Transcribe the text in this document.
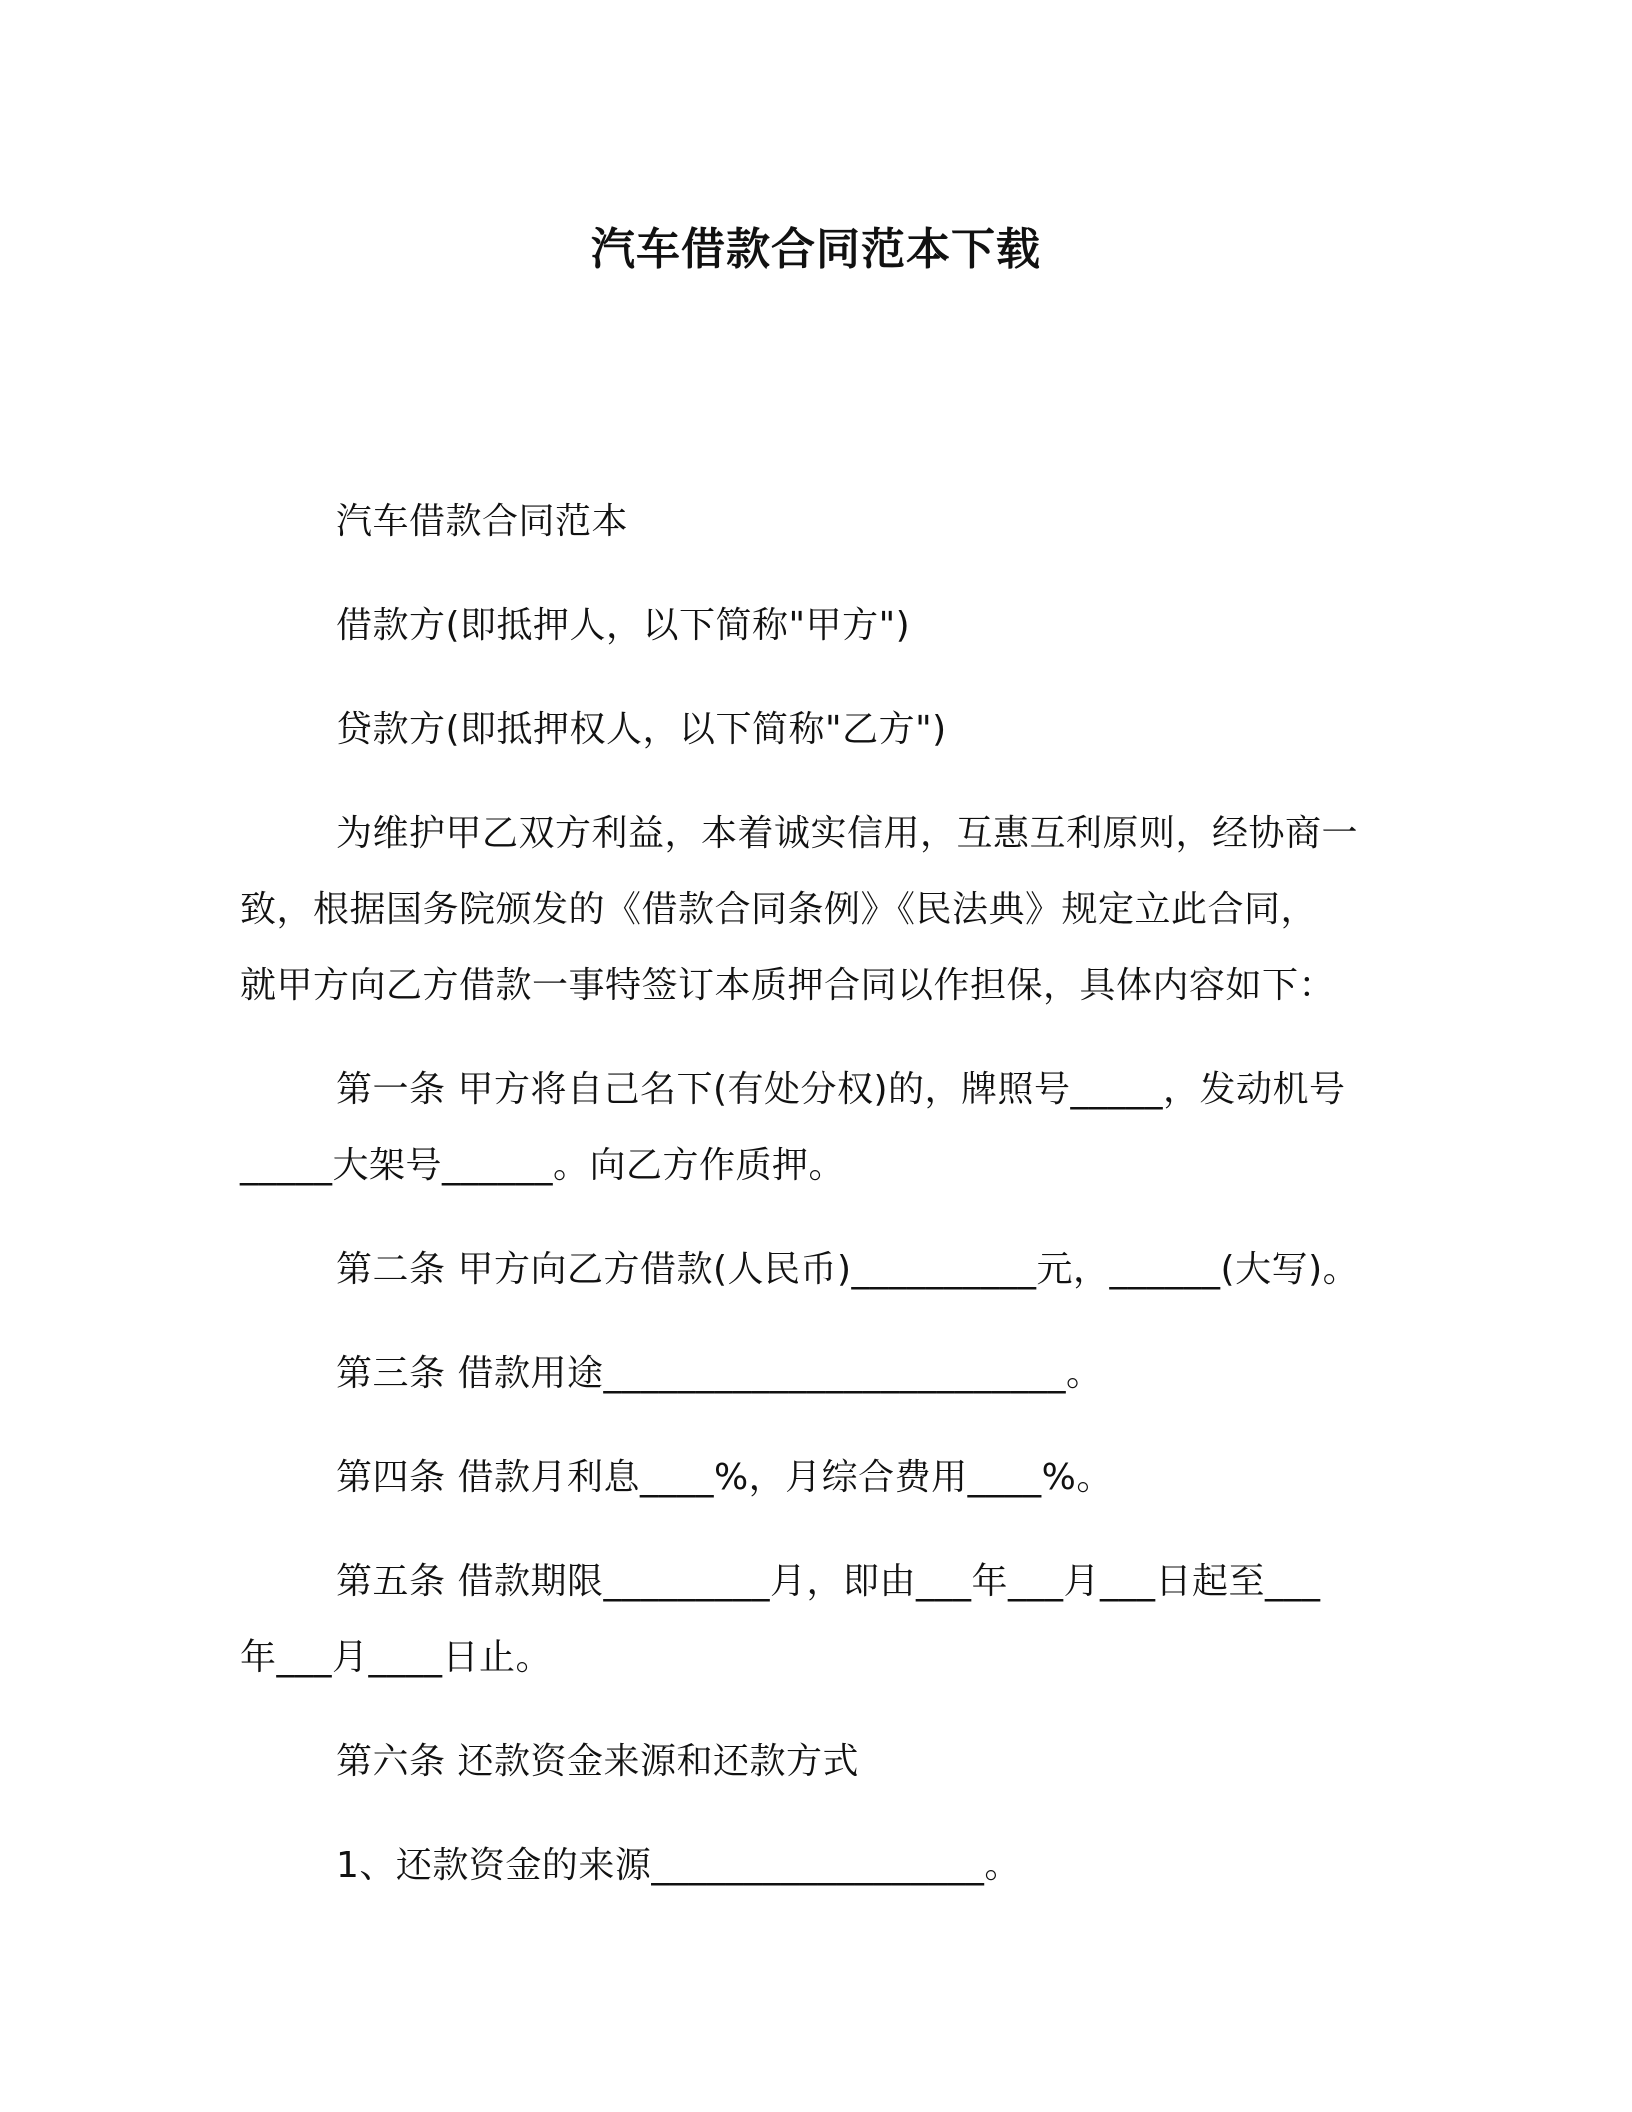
汽车借款合同范本下载
汽车借款合同范本
借款方(即抵押人，以下简称"甲方")
贷款方(即抵押权人，以下简称"乙方")
为维护甲乙双方利益，本着诚实信用，互惠互利原则，经协商一
致，根据国务院颁发的《借款合同条例》《民法典》规定立此合同，
就甲方向乙方借款一事特签订本质押合同以作担保，具体内容如下：
第一条 甲方将自己名下(有处分权)的，牌照号_____，发动机号
_____大架号______。向乙方作质押。
第二条 甲方向乙方借款(人民币)__________元，______(大写)。
第三条 借款用途_________________________。
第四条 借款月利息____%，月综合费用____%。
第五条 借款期限_________月，即由___年___月___日起至___
年___月____日止。
第六条 还款资金来源和还款方式
1、还款资金的来源__________________。
